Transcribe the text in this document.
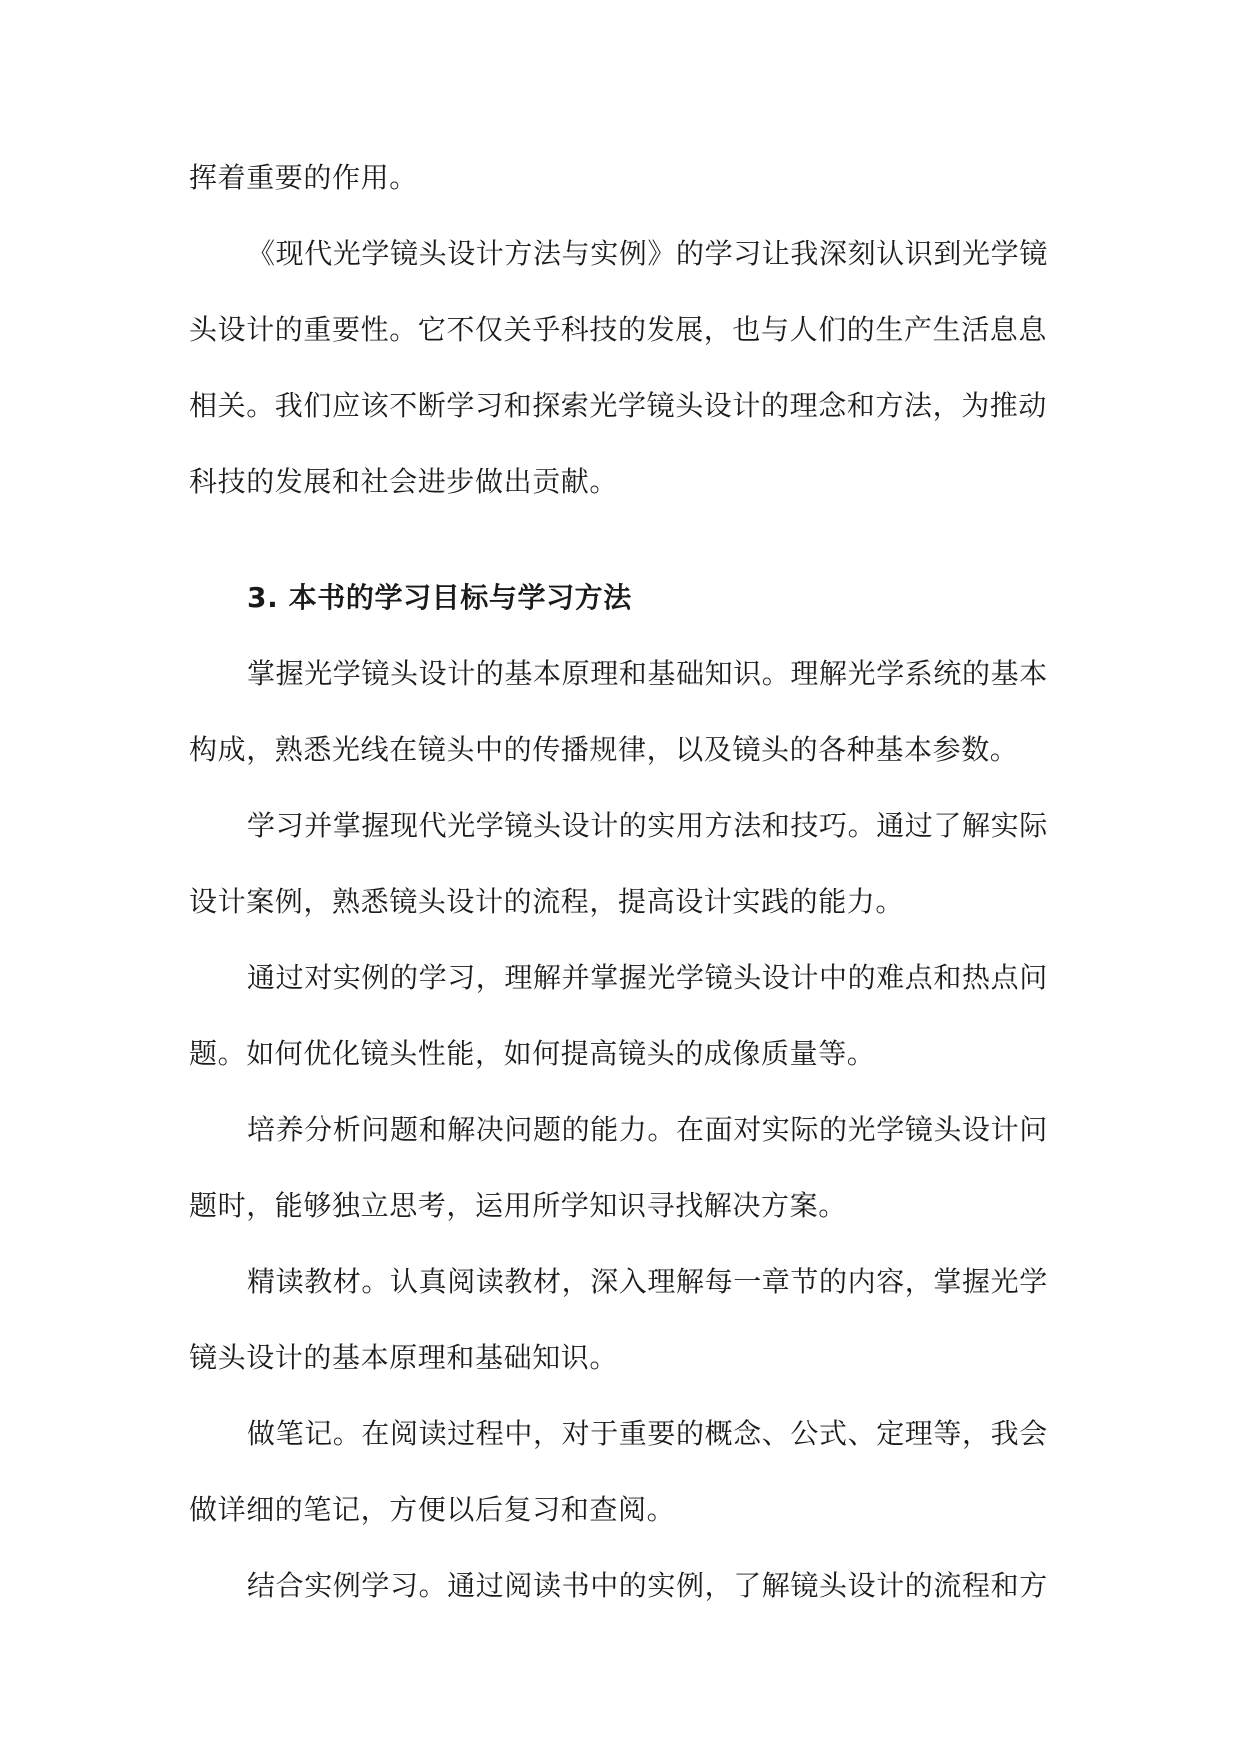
挥着重要的作用。
《现代光学镜头设计方法与实例》的学习让我深刻认识到光学镜
头设计的重要性。它不仅关乎科技的发展，也与人们的生产生活息息
相关。我们应该不断学习和探索光学镜头设计的理念和方法，为推动
科技的发展和社会进步做出贡献。
3. 本书的学习目标与学习方法
掌握光学镜头设计的基本原理和基础知识。理解光学系统的基本
构成，熟悉光线在镜头中的传播规律，以及镜头的各种基本参数。
学习并掌握现代光学镜头设计的实用方法和技巧。通过了解实际
设计案例，熟悉镜头设计的流程，提高设计实践的能力。
通过对实例的学习，理解并掌握光学镜头设计中的难点和热点问
题。如何优化镜头性能，如何提高镜头的成像质量等。
培养分析问题和解决问题的能力。在面对实际的光学镜头设计问
题时，能够独立思考，运用所学知识寻找解决方案。
精读教材。认真阅读教材，深入理解每一章节的内容，掌握光学
镜头设计的基本原理和基础知识。
做笔记。在阅读过程中，对于重要的概念、公式、定理等，我会
做详细的笔记，方便以后复习和查阅。
结合实例学习。通过阅读书中的实例，了解镜头设计的流程和方
